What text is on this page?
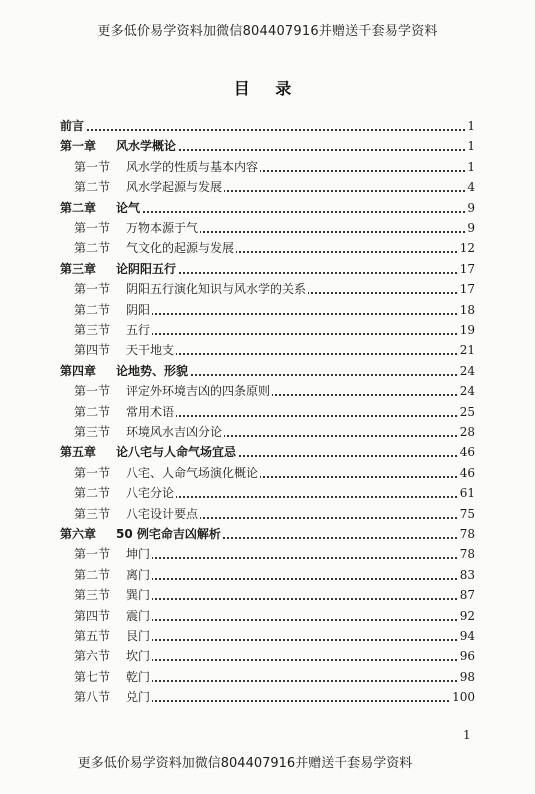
更多低价易学资料加微信804407916并赠送千套易学资料
目 录
前言	1
第一章 风水学概论	1
第一节 风水学的性质与基本内容	1
第二节 风水学起源与发展	4
第二章 论气	9
第一节 万物本源于气	9
第二节 气文化的起源与发展	12
第三章 论阴阳五行	17
第一节 阴阳五行演化知识与风水学的关系	17
第二节 阴阳	18
第三节 五行	19
第四节 天干地支	21
第四章 论地势、形貌	24
第一节 评定外环境吉凶的四条原则	24
第二节 常用术语	25
第三节 环境风水吉凶分论	28
第五章 论八宅与人命气场宜忌	46
第一节 八宅、人命气场演化概论	46
第二节 八宅分论	61
第三节 八宅设计要点	75
第六章 50 例宅命吉凶解析	78
第一节 坤门	78
第二节 离门	83
第三节 巽门	87
第四节 震门	92
第五节 艮门	94
第六节 坎门	96
第七节 乾门	98
第八节 兑门	100
1
更多低价易学资料加微信804407916并赠送千套易学资料
